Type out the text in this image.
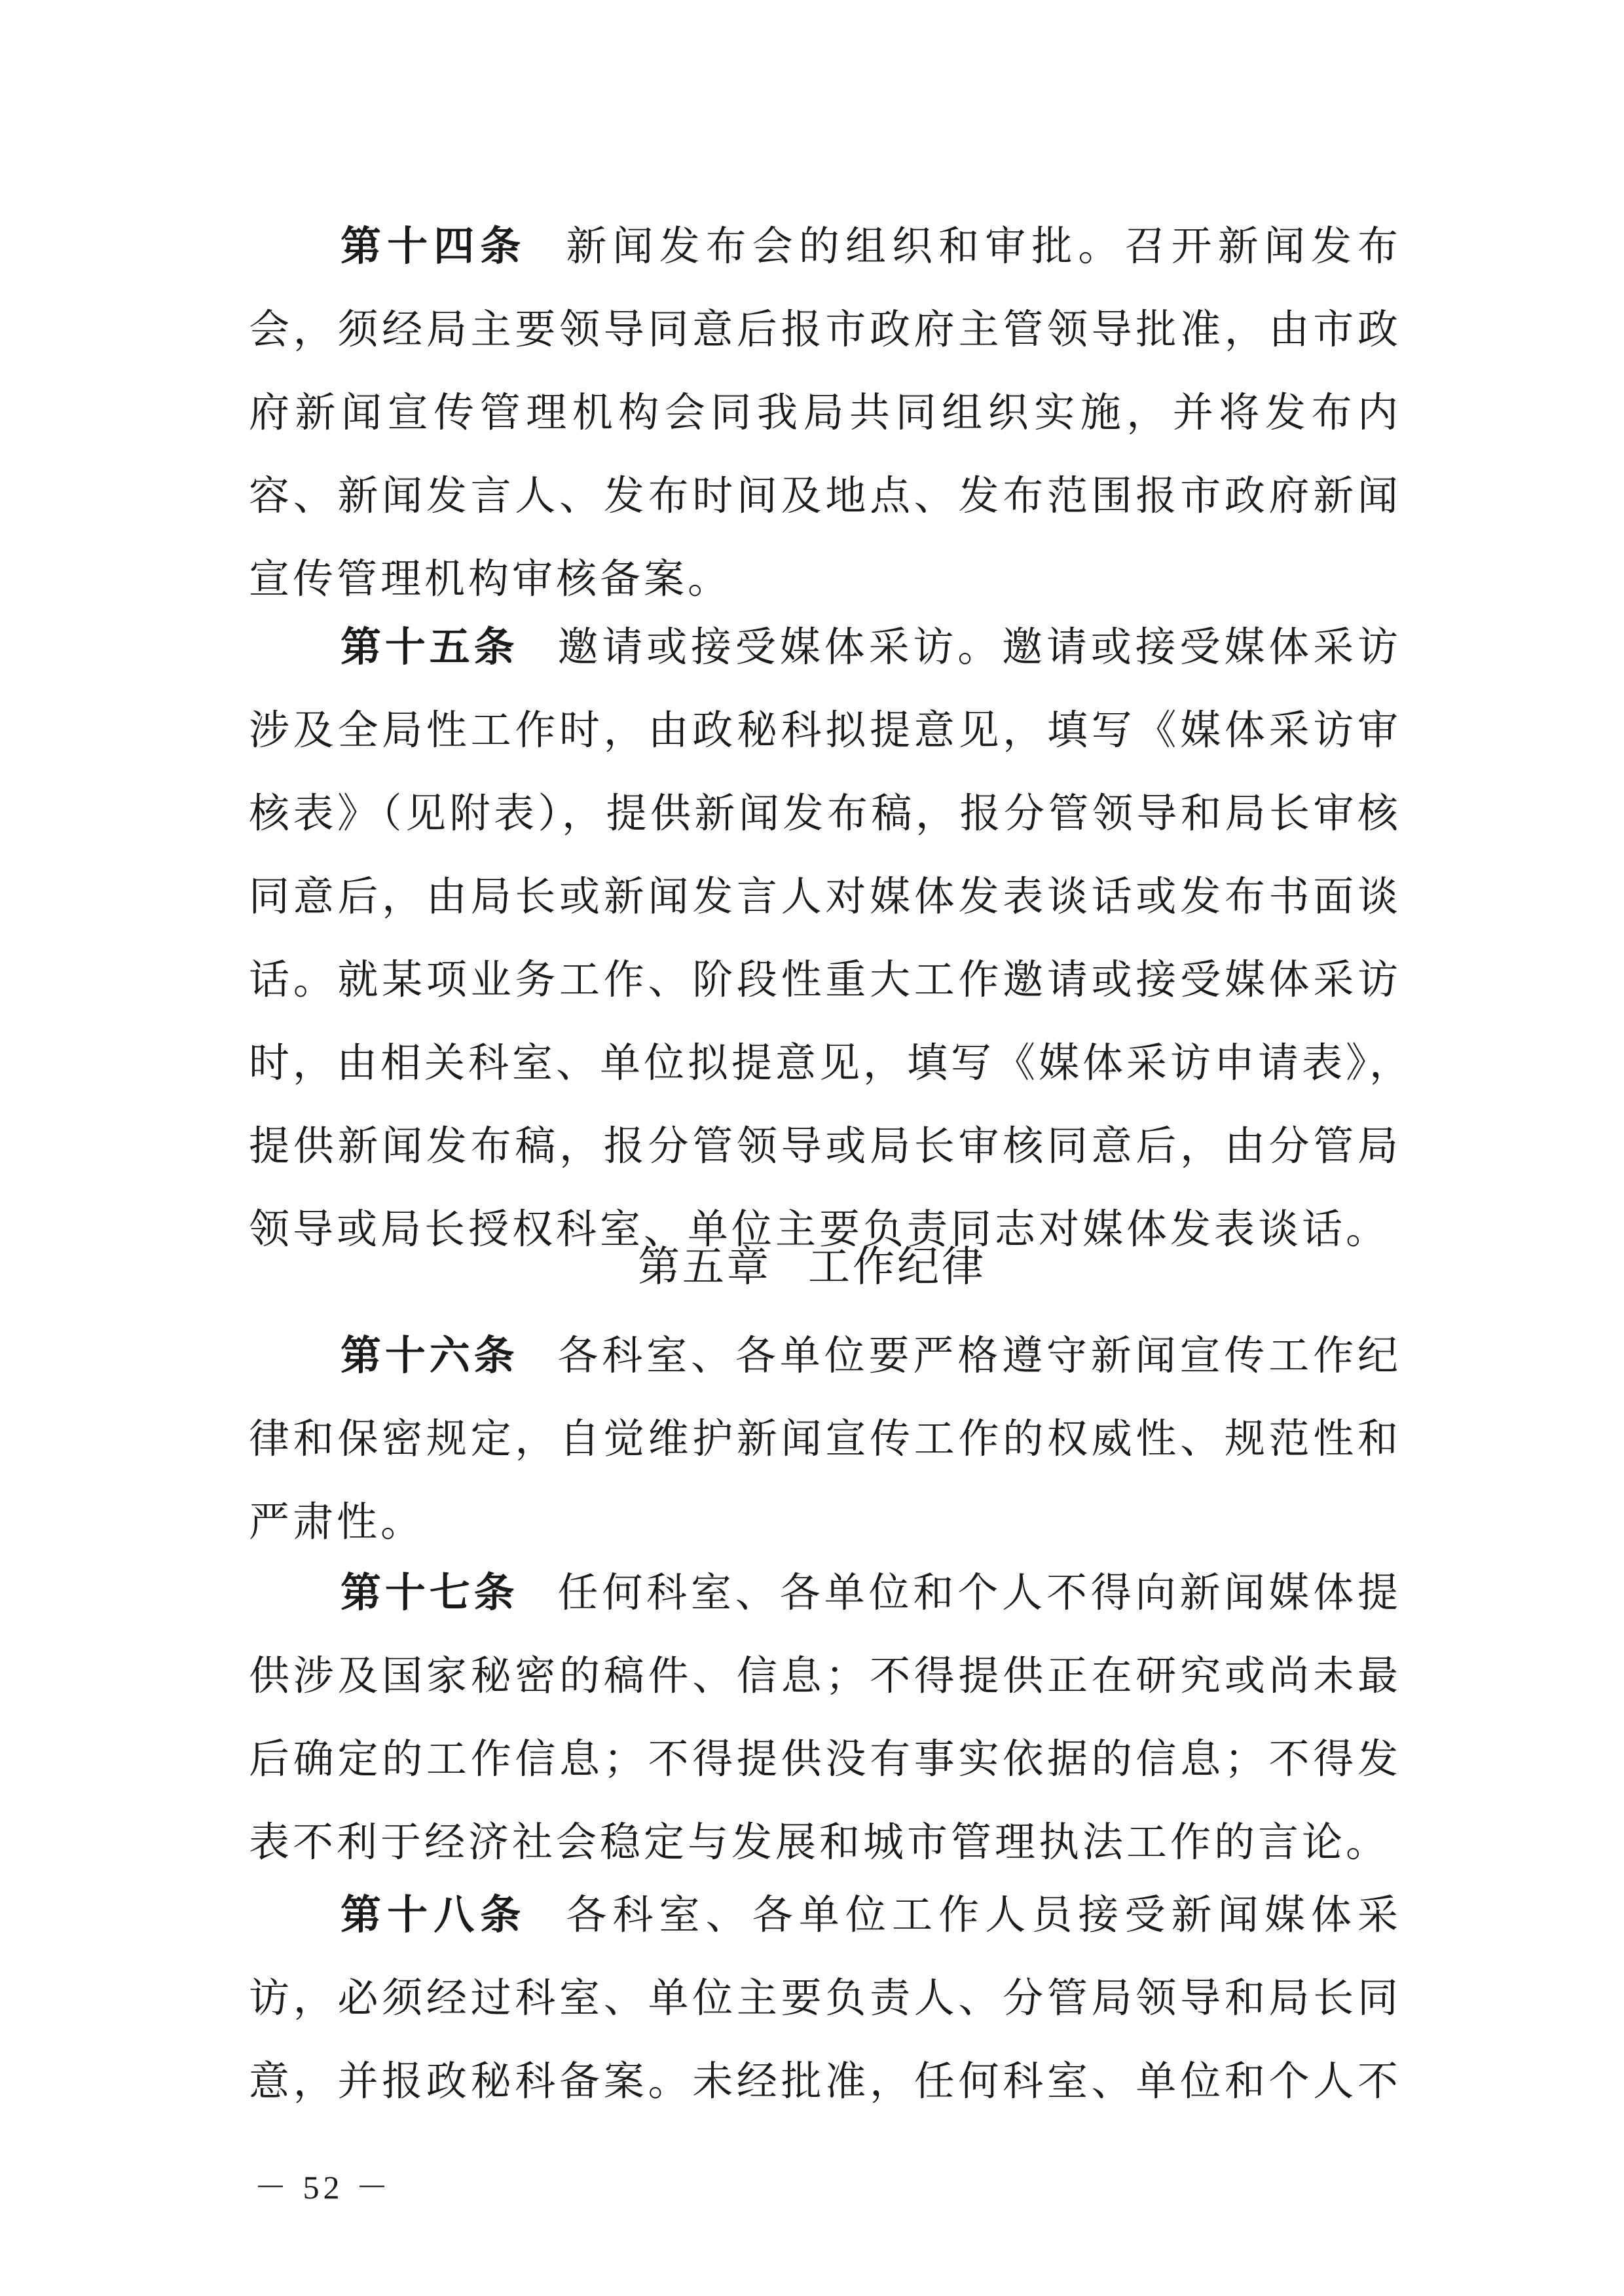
第十四条 新闻发布会的组织和审批。召开新闻发布
会，须经局主要领导同意后报市政府主管领导批准，由市政
府新闻宣传管理机构会同我局共同组织实施，并将发布内
容、新闻发言人、发布时间及地点、发布范围报市政府新闻
宣传管理机构审核备案。
第十五条 邀请或接受媒体采访。邀请或接受媒体采访
涉及全局性工作时，由政秘科拟提意见，填写《媒体采访审
核表》（见附表），提供新闻发布稿，报分管领导和局长审核
同意后，由局长或新闻发言人对媒体发表谈话或发布书面谈
话。就某项业务工作、阶段性重大工作邀请或接受媒体采访
时，由相关科室、单位拟提意见，填写《媒体采访申请表》，
提供新闻发布稿，报分管领导或局长审核同意后，由分管局
领导或局长授权科室、单位主要负责同志对媒体发表谈话。
第五章 工作纪律
第十六条 各科室、各单位要严格遵守新闻宣传工作纪
律和保密规定，自觉维护新闻宣传工作的权威性、规范性和
严肃性。
第十七条 任何科室、各单位和个人不得向新闻媒体提
供涉及国家秘密的稿件、信息；不得提供正在研究或尚未最
后确定的工作信息；不得提供没有事实依据的信息；不得发
表不利于经济社会稳定与发展和城市管理执法工作的言论。
第十八条 各科室、各单位工作人员接受新闻媒体采
访，必须经过科室、单位主要负责人、分管局领导和局长同
意，并报政秘科备案。未经批准，任何科室、单位和个人不
－ 52 －
